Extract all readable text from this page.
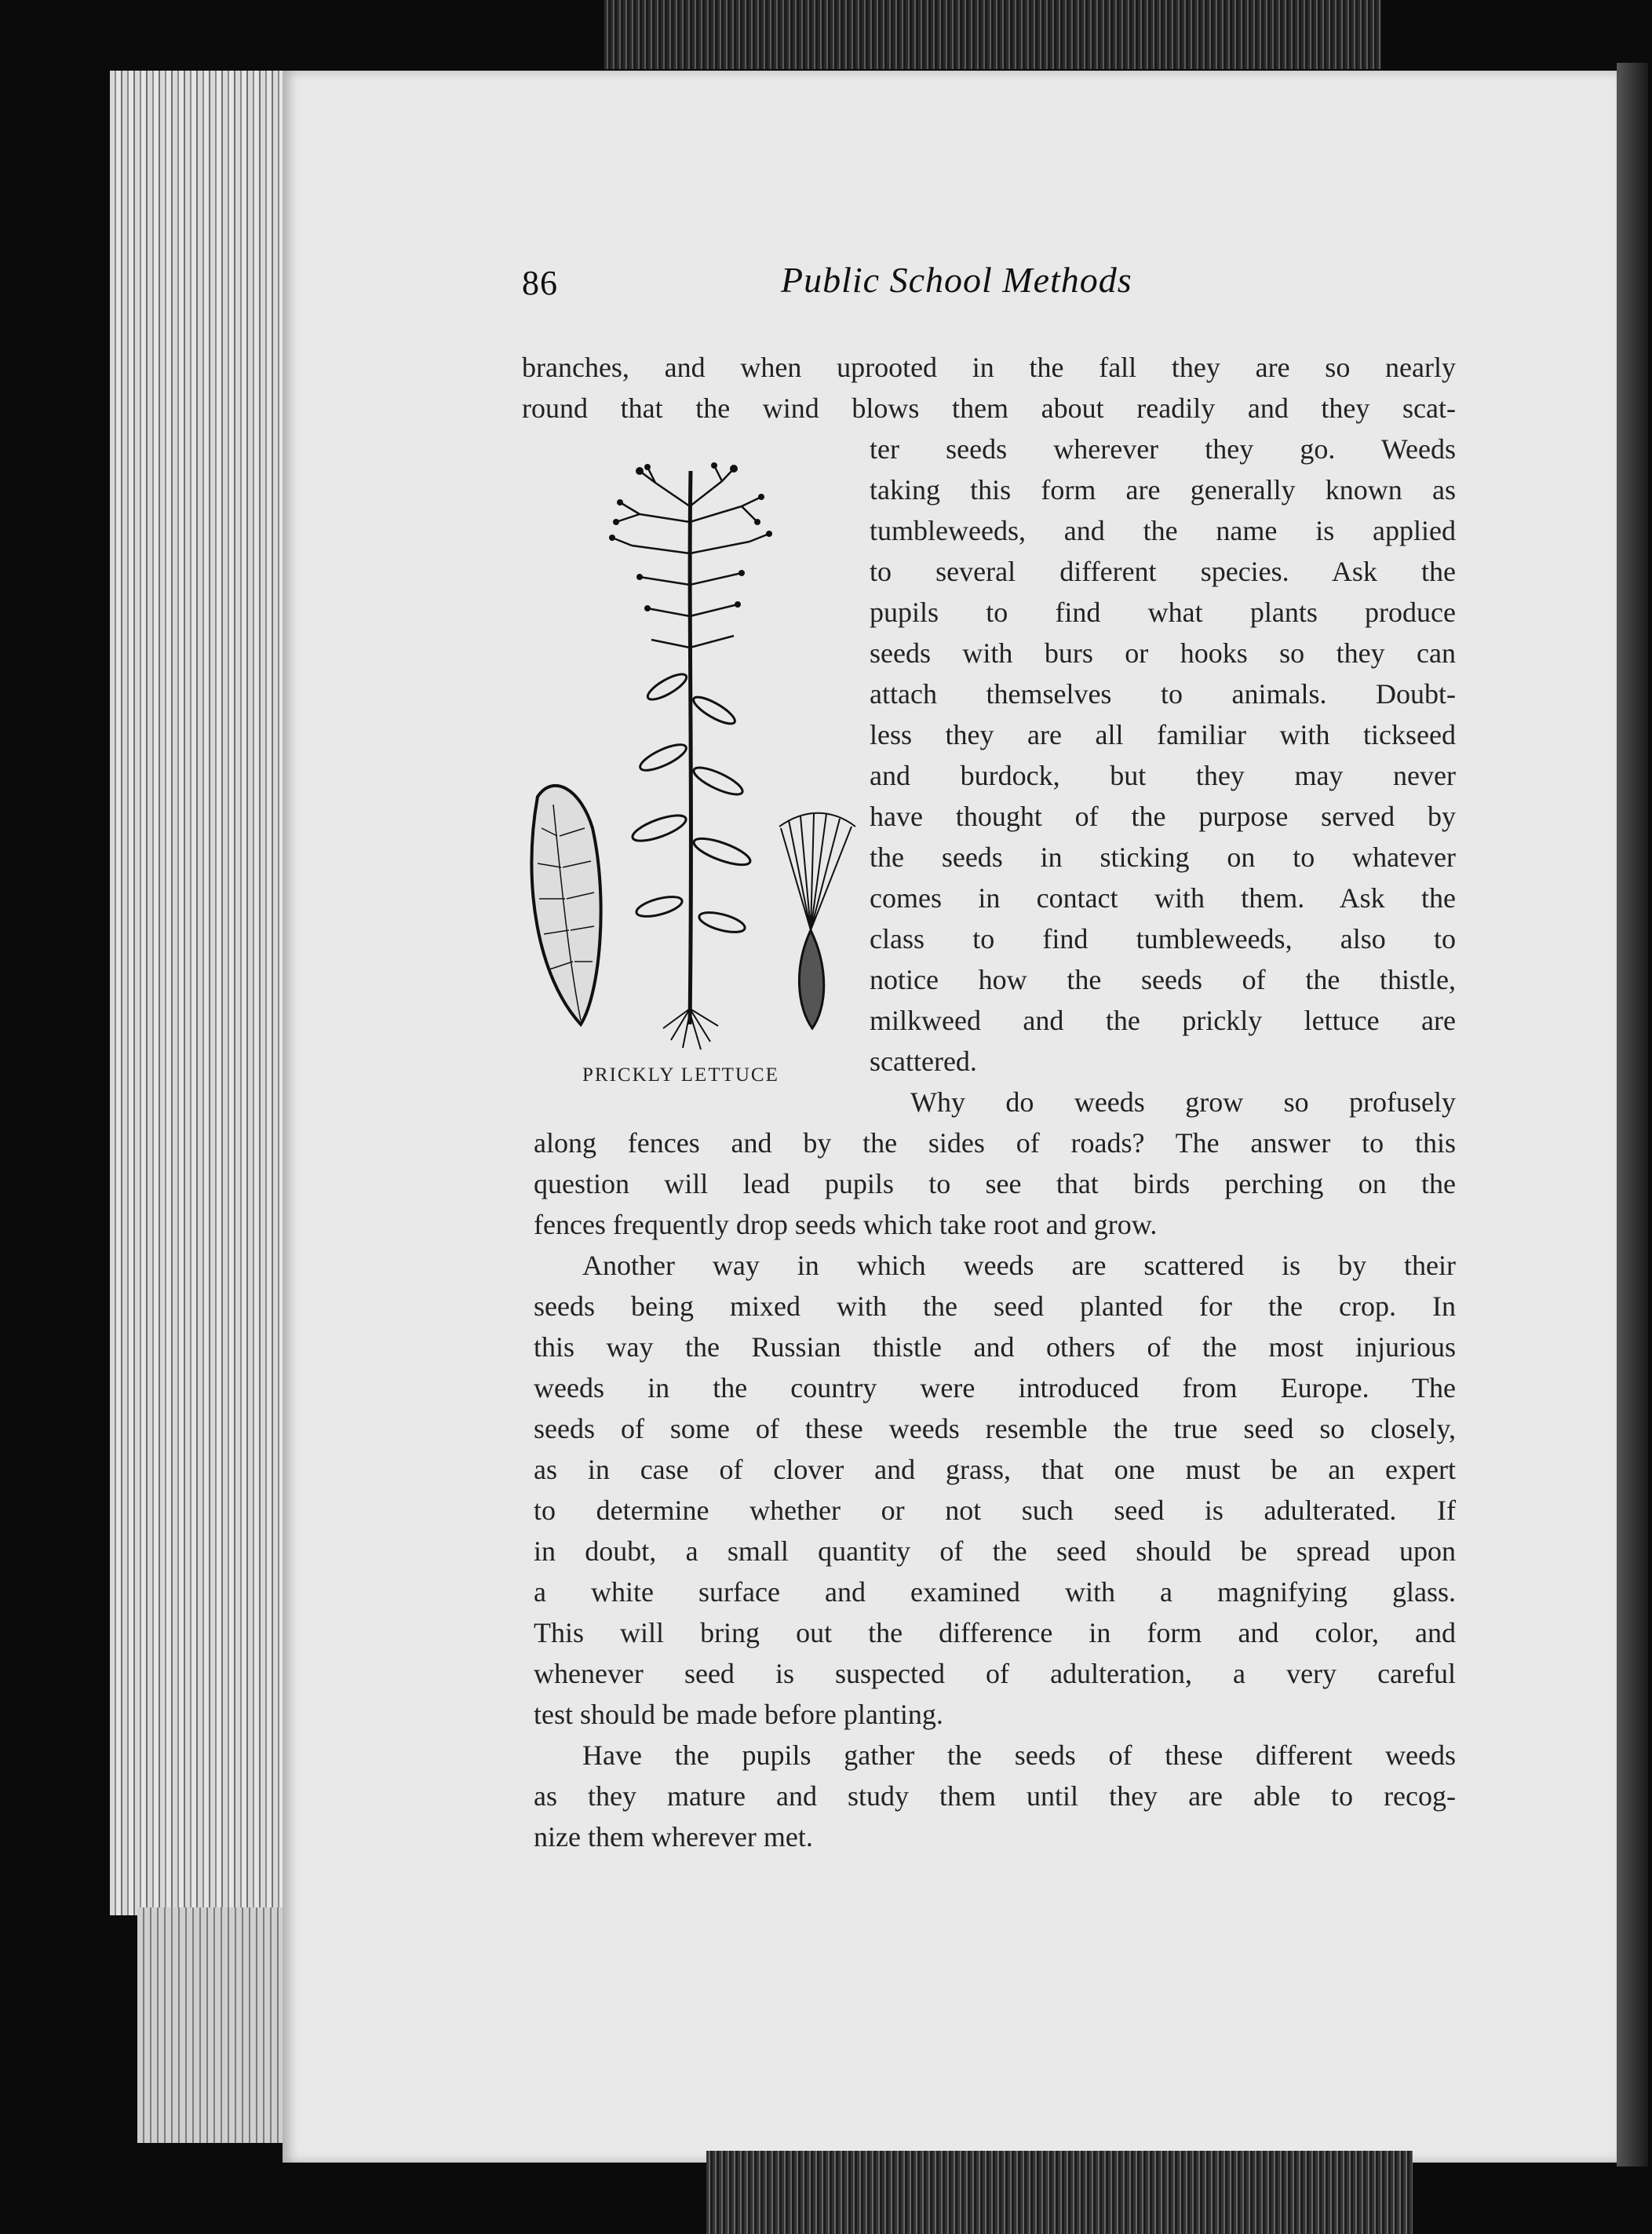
86	Public School Methods
branches, and when uprooted in the fall they are so nearly
round that the wind blows them about readily and they scat-
ter seeds wherever they go. Weeds
taking this form are generally known as
tumbleweeds, and the name is applied
to several different species. Ask the
pupils to find what plants produce
seeds with burs or hooks so they can
attach themselves to animals. Doubt-
less they are all familiar with tickseed
and burdock, but they may never
have thought of the purpose served by
the seeds in sticking on to whatever
comes in contact with them. Ask the
class to find tumbleweeds, also to
notice how the seeds of the thistle,
milkweed and the prickly lettuce are
scattered.
Why do weeds grow so profusely
along fences and by the sides of roads? The answer to this
question will lead pupils to see that birds perching on the
fences frequently drop seeds which take root and grow.
Another way in which weeds are scattered is by their
seeds being mixed with the seed planted for the crop. In
this way the Russian thistle and others of the most injurious
weeds in the country were introduced from Europe. The
seeds of some of these weeds resemble the true seed so closely,
as in case of clover and grass, that one must be an expert
to determine whether or not such seed is adulterated. If
in doubt, a small quantity of the seed should be spread upon
a white surface and examined with a magnifying glass.
This will bring out the difference in form and color, and
whenever seed is suspected of adulteration, a very careful
test should be made before planting.
Have the pupils gather the seeds of these different weeds
as they mature and study them until they are able to recog-
nize them wherever met.
PRICKLY LETTUCE
